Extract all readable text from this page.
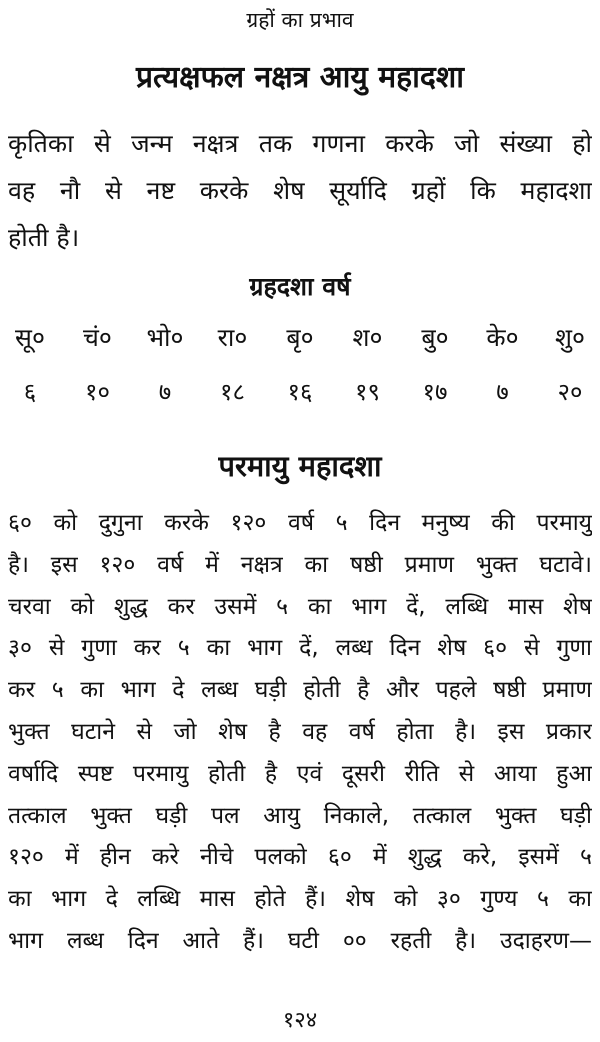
ग्रहों का प्रभाव
प्रत्यक्षफल नक्षत्र आयु महादशा
कृतिका से जन्म नक्षत्र तक गणना करके जो संख्या हो
वह नौ से नष्ट करके शेष सूर्यादि ग्रहों कि महादशा
होती है।
ग्रहदशा वर्ष
सू०	चं०	भो० रा०	बृ०	श०	बु०	के० शु०
६	१०	७	१८	१६	१९	१७	७	२०
परमायु महादशा
६० को दुगुना करके १२० वर्ष ५ दिन मनुष्य की परमायु
है। इस १२० वर्ष में नक्षत्र का षष्ठी प्रमाण भुक्त घटावे।
चरवा को शुद्ध कर उसमें ५ का भाग दें, लब्धि मास शेष
३० से गुणा कर ५ का भाग दें, लब्ध दिन शेष ६० से गुणा
कर ५ का भाग दे लब्ध घड़ी होती है और पहले षष्ठी प्रमाण
भुक्त घटाने से जो शेष है वह वर्ष होता है। इस प्रकार
वर्षादि स्पष्ट परमायु होती है एवं दूसरी रीति से आया हुआ
तत्काल भुक्त घड़ी पल आयु निकाले, तत्काल भुक्त घड़ी
१२० में हीन करे नीचे पलको ६० में शुद्ध करे, इसमें ५
का भाग दे लब्धि मास होते हैं। शेष को ३० गुण्य ५ का
भाग लब्ध दिन आते हैं। घटी ०० रहती है। उदाहरण—
१२४
